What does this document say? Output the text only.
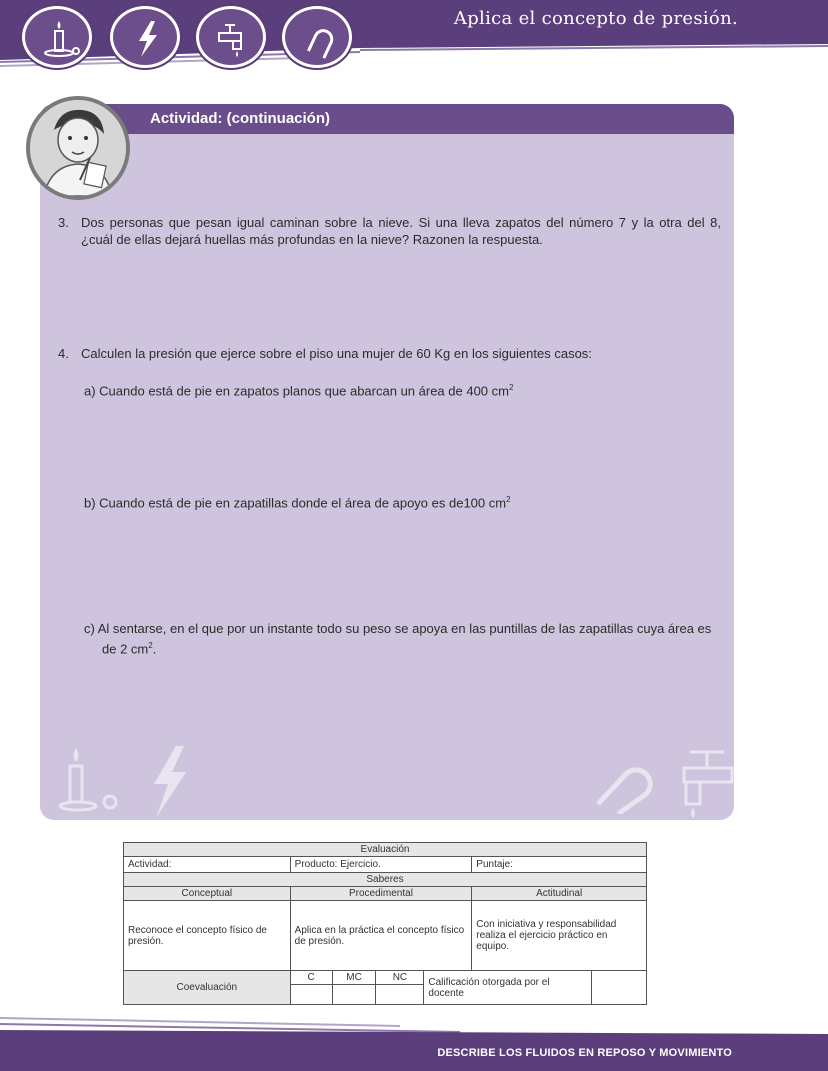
Aplica el concepto de presión.
Actividad: (continuación)
3. Dos personas que pesan igual caminan sobre la nieve. Si una lleva zapatos del número 7 y la otra del 8,
¿cuál de ellas dejará huellas más profundas en la nieve? Razonen la respuesta.
4. Calculen la presión que ejerce sobre el piso una mujer de 60 Kg en los siguientes casos:
a) Cuando está de pie en zapatos planos que abarcan un área de 400 $cm^2$
b) Cuando está de pie en zapatillas donde el área de apoyo es de100 $cm^2$
c) Al sentarse, en el que por un instante todo su peso se apoya en las puntillas de las zapatillas cuya área es
de 2 $cm^2$.
Evaluación						
Actividad:	Producto: Ejercicio.				Puntaje:	
Saberes						
Conceptual	Procedimental				Actitudinal	
Reconoce el concepto físico de presión.	Aplica en la práctica el concepto físico de presión.				Con iniciativa y responsabilidad realiza el ejercicio práctico en equipo.	
Coevaluación	C	MC	NC	Calificación otorgada por el docente		

DESCRIBE LOS FLUIDOS EN REPOSO Y MOVIMIENTO
